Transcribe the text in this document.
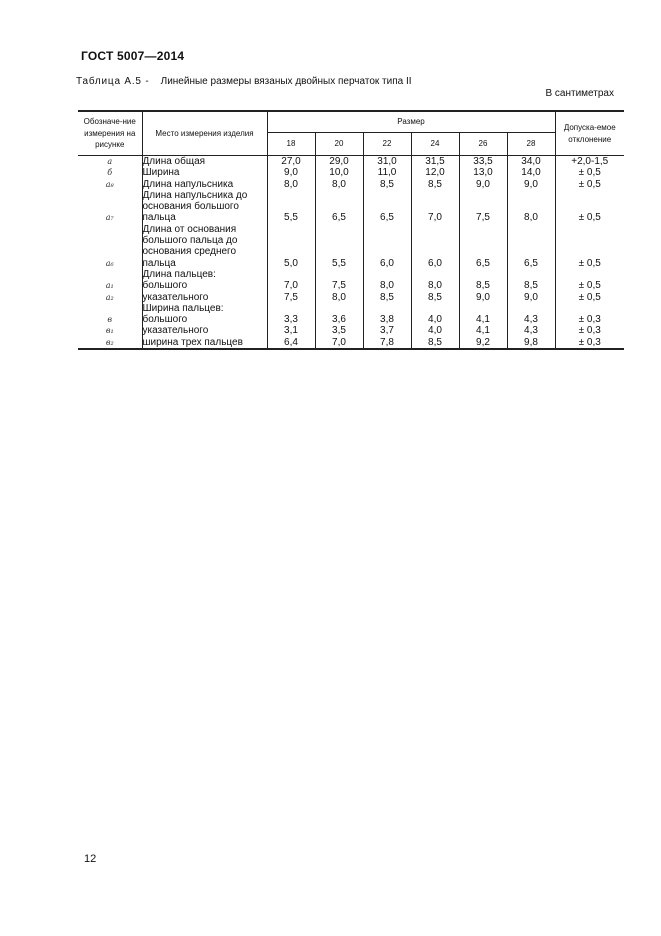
ГОСТ 5007—2014
Таблица А.5 - Линейные размеры вязаных двойных перчаток типа II
В сантиметрах
Обозначе-ние измерения на рисунке	Место измерения изделия	Размер						Допуска-емое отклонение
		18	20	22	24	26	28	
а	Длина общая	27,0	29,0	31,0	31,5	33,5	34,0	+2,0-1,5
б	Ширина	9,0	10,0	11,0	12,0	13,0	14,0	± 0,5
а₈	Длина напульсника	8,0	8,0	8,5	8,5	9,0	9,0	± 0,5
а₇	Длина напульсника до основания большого пальца	5,5	6,5	6,5	7,0	7,5	8,0	± 0,5
а₆	Длина от основания большого пальца до основания среднего пальца	5,0	5,5	6,0	6,0	6,5	6,5	± 0,5
	Длина пальцев:							
а₁	большого	7,0	7,5	8,0	8,0	8,5	8,5	± 0,5
а₂	указательного	7,5	8,0	8,5	8,5	9,0	9,0	± 0,5
	Ширина пальцев:							
в	большого	3,3	3,6	3,8	4,0	4,1	4,3	± 0,3
в₁	указательного	3,1	3,5	3,7	4,0	4,1	4,3	± 0,3
в₂	ширина трех пальцев	6,4	7,0	7,8	8,5	9,2	9,8	± 0,3
12
